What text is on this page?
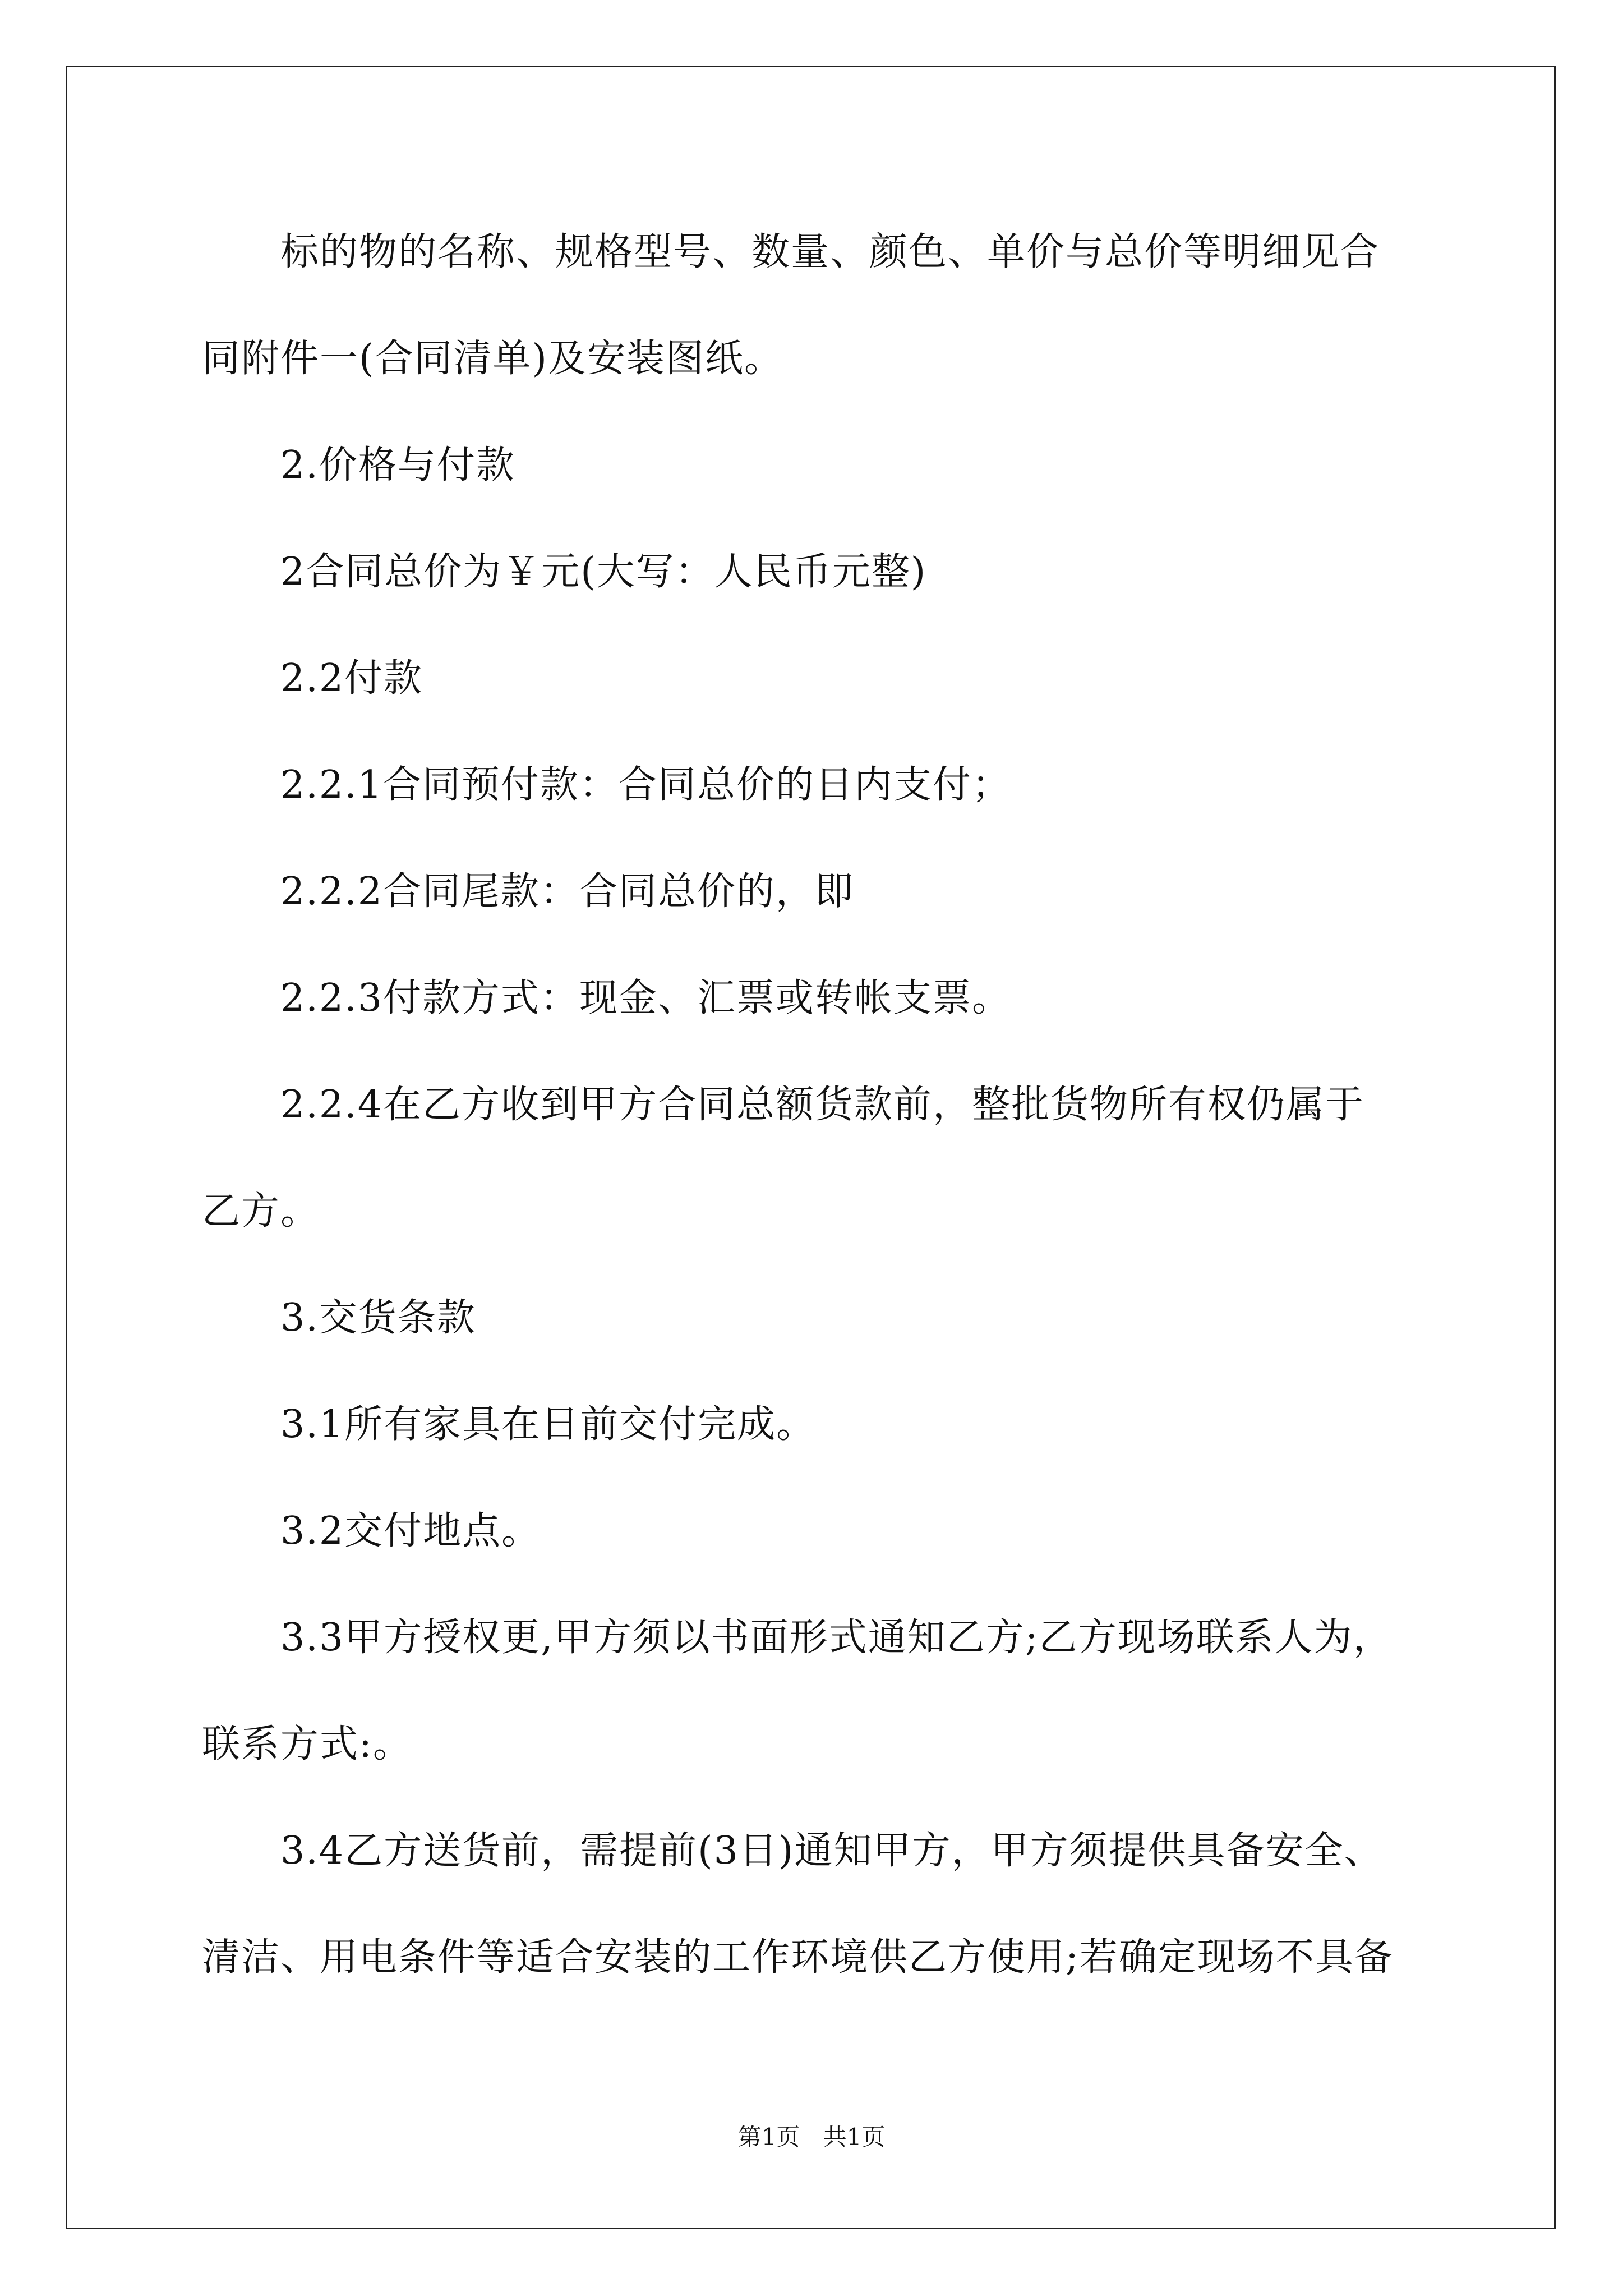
标的物的名称、规格型号、数量、颜色、单价与总价等明细见合
同附件一(合同清单)及安装图纸。
2.价格与付款
2合同总价为￥元(大写：人民币元整)
2.2付款
2.2.1合同预付款：合同总价的日内支付；
2.2.2合同尾款：合同总价的，即
2.2.3付款方式：现金、汇票或转帐支票。
2.2.4在乙方收到甲方合同总额货款前，整批货物所有权仍属于
乙方。
3.交货条款
3.1所有家具在日前交付完成。
3.2交付地点。
3.3甲方授权更,甲方须以书面形式通知乙方;乙方现场联系人为，
联系方式:。
3.4乙方送货前，需提前(3日)通知甲方，甲方须提供具备安全、
清洁、用电条件等适合安装的工作环境供乙方使用;若确定现场不具备
第1页 共1页
